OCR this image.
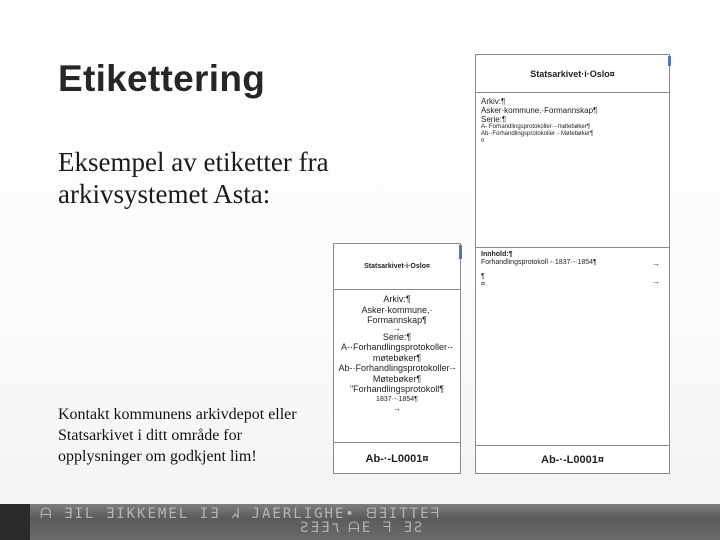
Etikettering
Eksempel av etiketter fra arkivsystemet Asta:
Kontakt kommunens arkivdepot eller Statsarkivet i ditt område for opplysninger om godkjent lim!
Statsarkivet·i·Oslo¤
Arkiv:¶
Asker·kommune.·Formannskap¶
Serie:¶
A-·Forhandlingsprotokoller·-·møtebøker¶
Ab-·Forhandlingsprotokoller·-·Møtebøker¶
¤
Innhold:¶
Forhandlingsprotokoll·-·1837·-·1854¶
¶
¤
→
→
Ab-·-L0001¤
Statsarkivet·i·Oslo¤
Arkiv:¶
Asker·kommune,·
Formannskap¶
→
Serie:¶
A-·Forhandlingsprotokoller·-
møtebøker¶
Ab-·Forhandlingsprotokoller·-
Møtebøker¶
"Forhandlingsprotokoll¶
1837·-·1854¶
→
Ab-·-L0001¤
ᗩ ƎIL ƎIKKEMEL IƎ ᖽ JAERLIGHE• ᗺƎITTEᖷ
ƧƎƎ٦ ᗩE ᖷ ƎƧ
